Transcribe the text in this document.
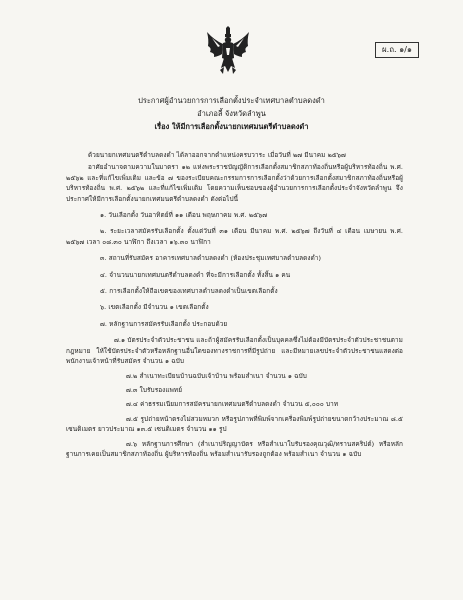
ผ.ถ. ๑/๑
ประกาศผู้อำนวยการการเลือกตั้งประจำเทศบาลตำบลดงดำ
อำเภอลี้ จังหวัดลำพูน
เรื่อง ให้มีการเลือกตั้งนายกเทศมนตรีตำบลดงดำ
ด้วยนายกเทศมนตรีตำบลดงดำ ได้ลาออกจากตำแหน่งครบวาระ เมื่อวันที่ ๒๗ มีนาคม ๒๕๖๗
อาศัยอำนาจตามความในมาตรา ๑๒ แห่งพระราชบัญญัติการเลือกตั้งสมาชิกสภาท้องถิ่นหรือผู้บริหารท้องถิ่น พ.ศ. ๒๕๖๒ และที่แก้ไขเพิ่มเติม และข้อ ๗ ของระเบียบคณะกรรมการการเลือกตั้งว่าด้วยการเลือกตั้งสมาชิกสภาท้องถิ่นหรือผู้บริหารท้องถิ่น พ.ศ. ๒๕๖๒ และที่แก้ไขเพิ่มเติม โดยความเห็นชอบของผู้อำนวยการการเลือกตั้งประจำจังหวัดลำพูน จึงประกาศให้มีการเลือกตั้งนายกเทศมนตรีตำบลดงดำ ดังต่อไปนี้
๑. วันเลือกตั้ง วันอาทิตย์ที่ ๑๑ เดือน พฤษภาคม พ.ศ. ๒๕๖๗
๒. ระยะเวลาสมัครรับเลือกตั้ง ตั้งแต่วันที่ ๓๑ เดือน มีนาคม พ.ศ. ๒๕๖๗ ถึงวันที่ ๔ เดือน เมษายน พ.ศ. ๒๕๖๗ เวลา ๐๘.๓๐ นาฬิกา ถึงเวลา ๑๖.๓๐ นาฬิกา
๓. สถานที่รับสมัคร อาคารเทศบาลตำบลดงดำ (ห้องประชุมเทศบาลตำบลดงดำ)
๔. จำนวนนายกเทศมนตรีตำบลดงดำ ที่จะมีการเลือกตั้ง ทั้งสิ้น ๑ คน
๕. การเลือกตั้งให้ถือเขตของเทศบาลตำบลดงดำเป็นเขตเลือกตั้ง
๖. เขตเลือกตั้ง มีจำนวน ๑ เขตเลือกตั้ง
๗. หลักฐานการสมัครรับเลือกตั้ง ประกอบด้วย
๗.๑ บัตรประจำตัวประชาชน และถ้าผู้สมัครรับเลือกตั้งเป็นบุคคลซึ่งไม่ต้องมีบัตรประจำตัวประชาชนตามกฎหมาย ให้ใช้บัตรประจำตัวหรือหลักฐานอื่นใดของทางราชการที่มีรูปถ่าย และมีหมายเลขประจำตัวประชาชนแสดงต่อพนักงานเจ้าหน้าที่รับสมัคร จำนวน ๑ ฉบับ
๗.๒ สำเนาทะเบียนบ้านฉบับเจ้าบ้าน พร้อมสำเนา จำนวน ๑ ฉบับ
๗.๓ ใบรับรองแพทย์
๗.๔ ค่าธรรมเนียมการสมัครนายกเทศมนตรีตำบลดงดำ จำนวน ๕,๐๐๐ บาท
๗.๕ รูปถ่ายหน้าตรงไม่สวมหมวก หรือรูปภาพที่พิมพ์จากเครื่องพิมพ์รูปถ่ายขนาดกว้างประมาณ ๘.๕ เซนติเมตร ยาวประมาณ ๑๓.๕ เซนติเมตร จำนวน ๑๑ รูป
๗.๖ หลักฐานการศึกษา (สำเนาปริญญาบัตร หรือสำเนาใบรับรองคุณวุฒิ/ทรานสคริปต์) หรือหลักฐานการเคยเป็นสมาชิกสภาท้องถิ่น ผู้บริหารท้องถิ่น พร้อมสำเนารับรองถูกต้อง พร้อมสำเนา จำนวน ๑ ฉบับ
